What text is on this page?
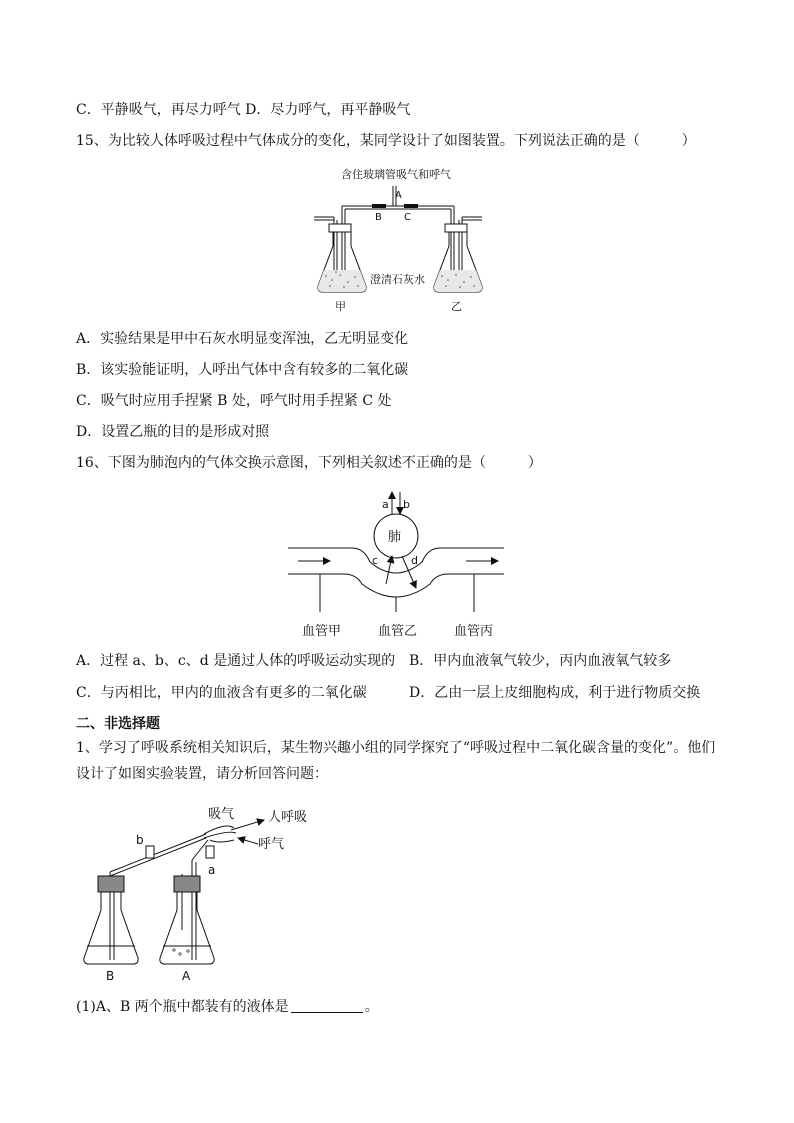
C．平静吸气，再尽力呼气 D．尽力呼气，再平静吸气
15、为比较人体呼吸过程中气体成分的变化，某同学设计了如图装置。下列说法正确的是（　　　）
含住玻璃管吸气和呼气
A
B C
澄清石灰水
甲	乙
A．实验结果是甲中石灰水明显变浑浊，乙无明显变化
B．该实验能证明，人呼出气体中含有较多的二氧化碳
C．吸气时应用手捏紧 B 处，呼气时用手捏紧 C 处
D．设置乙瓶的目的是形成对照
16、下图为肺泡内的气体交换示意图，下列相关叙述不正确的是（　　　）
肺
a b
c	d
血管甲	血管乙	血管丙
A．过程 a、b、c、d 是通过人体的呼吸运动实现的 B．甲内血液氧气较少，丙内血液氧气较多
C．与丙相比，甲内的血液含有更多的二氧化碳	D．乙由一层上皮细胞构成，利于进行物质交换
二、非选择题
1、学习了呼吸系统相关知识后，某生物兴趣小组的同学探究了“呼吸过程中二氧化碳含量的变化”。他们
设计了如图实验装置，请分析回答问题：
吸气	人呼吸
呼气
b
a
B	A
(1)A、B 两个瓶中都装有的液体是	。
